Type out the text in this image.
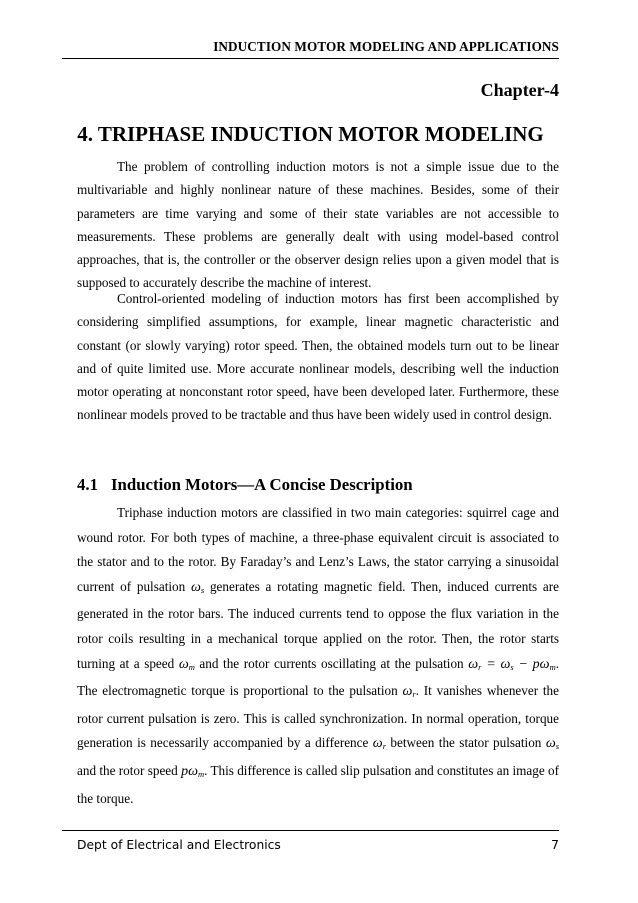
INDUCTION MOTOR MODELING AND APPLICATIONS
Chapter-4
4. TRIPHASE INDUCTION MOTOR MODELING

The problem of controlling induction motors is not a simple issue due to the multivariable and highly nonlinear nature of these machines. Besides, some of their parameters are time varying and some of their state variables are not accessible to measurements. These problems are generally dealt with using model-based control approaches, that is, the controller or the observer design relies upon a given model that is supposed to accurately describe the machine of interest.

Control-oriented modeling of induction motors has first been accomplished by considering simplified assumptions, for example, linear magnetic characteristic and constant (or slowly varying) rotor speed. Then, the obtained models turn out to be linear and of quite limited use. More accurate nonlinear models, describing well the induction motor operating at nonconstant rotor speed, have been developed later. Furthermore, these nonlinear models proved to be tractable and thus have been widely used in control design.

4.1 Induction Motors—A Concise Description

Triphase induction motors are classified in two main categories: squirrel cage and wound rotor. For both types of machine, a three-phase equivalent circuit is associated to the stator and to the rotor. By Faraday’s and Lenz’s Laws, the stator carrying a sinusoidal current of pulsation $\omega_s$ generates a rotating magnetic field. Then, induced currents are generated in the rotor bars. The induced currents tend to oppose the flux variation in the rotor coils resulting in a mechanical torque applied on the rotor. Then, the rotor starts turning at a speed $\omega_m$ and the rotor currents oscillating at the pulsation $\omega_r = \omega_s - p\omega_m$. The electromagnetic torque is proportional to the pulsation $\omega_r$. It vanishes whenever the rotor current pulsation is zero. This is called synchronization. In normal operation, torque generation is necessarily accompanied by a difference $\omega_r$ between the stator pulsation $\omega_s$ and the rotor speed $p\omega_m$. This difference is called slip pulsation and constitutes an image of the torque.

Dept of Electrical and Electronics	7
